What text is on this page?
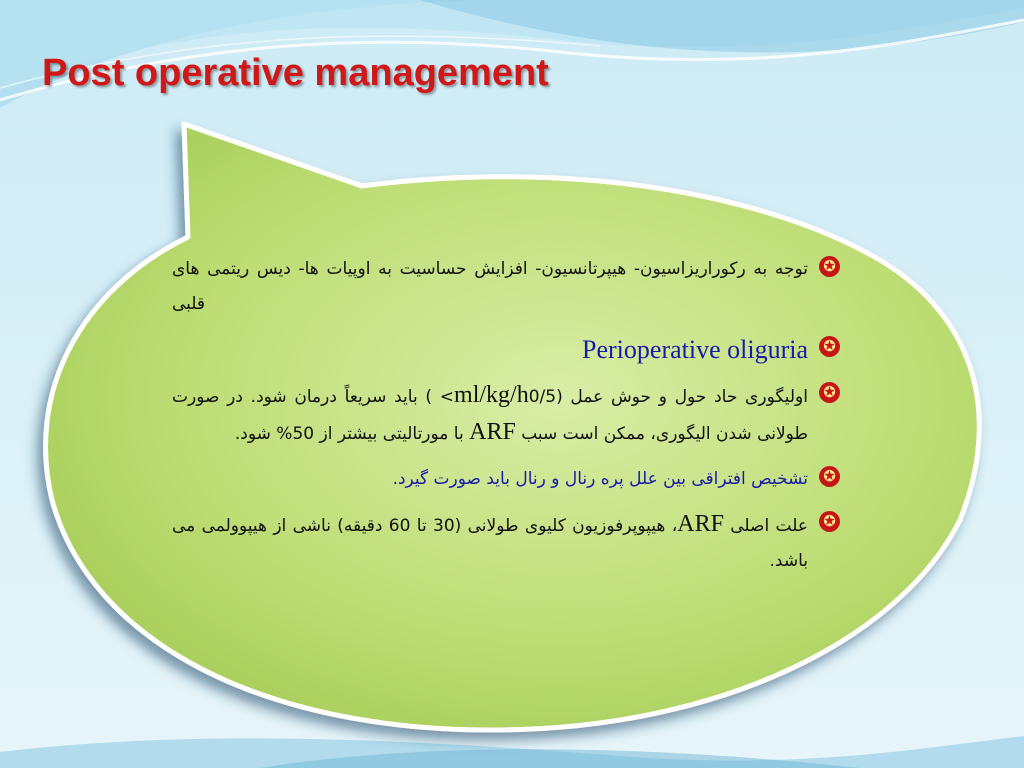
Post operative management
✪
توجه به رکوراریزاسیون- هیپرتانسیون- افزایش حساسیت به اوپیات ها- دیس ریتمی های قلبی
✪
Perioperative oliguria
✪
اولیگوری حاد حول و حوش عمل (ml/kg/h0/5> ) باید سریعاً درمان شود. در صورت طولانی شدن الیگوری، ممکن است سبب ARF با مورتالیتی بیشتر از 50% شود.
✪
تشخیص افتراقی بین علل پره رنال و رنال باید صورت گیرد.
✪
علت اصلی ARF، هیپوپرفوزیون کلیوی طولانی (30 تا 60 دقیقه) ناشی از هیپوولمی می باشد.
